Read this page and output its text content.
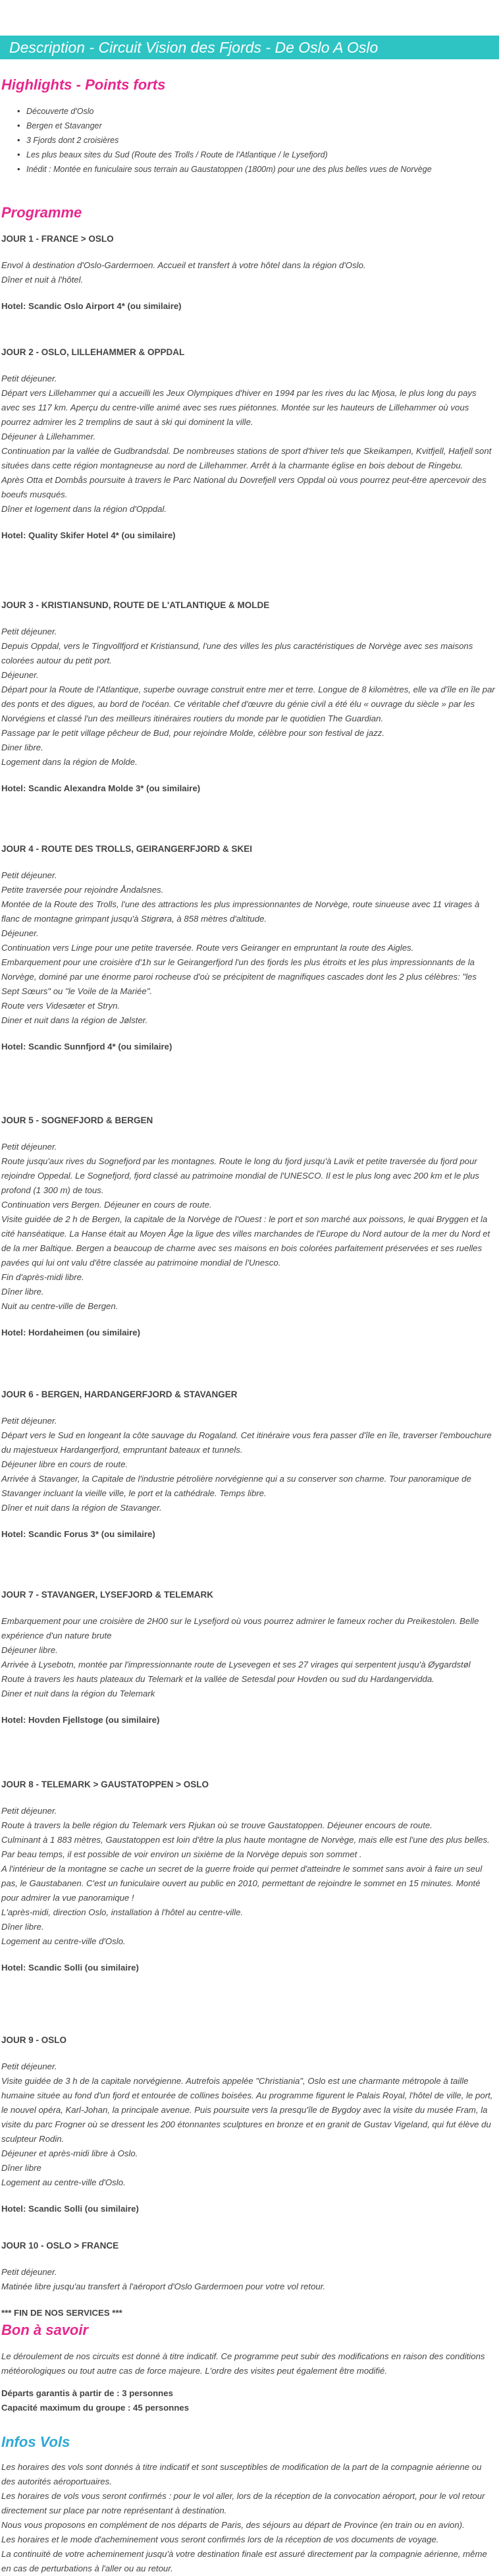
Description - Circuit Vision des Fjords - De Oslo A Oslo
Highlights - Points forts
• Découverte d'Oslo
• Bergen et Stavanger
• 3 Fjords dont 2 croisières
• Les plus beaux sites du Sud (Route des Trolls / Route de l'Atlantique / le Lysefjord)
• Inédit : Montée en funiculaire sous terrain au Gaustatoppen (1800m) pour une des plus belles vues de Norvège
Programme
JOUR 1 - FRANCE > OSLO

Envol à destination d'Oslo-Gardermoen. Accueil et transfert à votre hôtel dans la région d'Oslo.

Dîner et nuit à l'hôtel.

Hotel: Scandic Oslo Airport 4* (ou similaire)
JOUR 2 - OSLO, LILLEHAMMER & OPPDAL

Petit déjeuner.

Départ vers Lillehammer qui a accueilli les Jeux Olympiques d'hiver en 1994 par les rives du lac Mjosa, le plus long du pays avec ses 117 km. Aperçu du centre-ville animé avec ses rues piétonnes. Montée sur les hauteurs de Lillehammer où vous pourrez admirer les 2 tremplins de saut à ski qui dominent la ville.

Déjeuner à Lillehammer.

Continuation par la vallée de Gudbrandsdal. De nombreuses stations de sport d'hiver tels que Skeikampen, Kvitfjell, Hafjell sont situées dans cette région montagneuse au nord de Lillehammer. Arrêt à la charmante église en bois debout de Ringebu.

Après Otta et Dombås poursuite à travers le Parc National du Dovrefjell vers Oppdal où vous pourrez peut-être apercevoir des boeufs musqués.

Dîner et logement dans la région d'Oppdal.

Hotel: Quality Skifer Hotel 4* (ou similaire)
JOUR 3 - KRISTIANSUND, ROUTE DE L'ATLANTIQUE & MOLDE

Petit déjeuner.

Depuis Oppdal, vers le Tingvollfjord et Kristiansund, l'une des villes les plus caractéristiques de Norvège avec ses maisons colorées autour du petit port.

Déjeuner.

Départ pour la Route de l'Atlantique, superbe ouvrage construit entre mer et terre. Longue de 8 kilomètres, elle va d'île en île par des ponts et des digues, au bord de l'océan. Ce véritable chef d'œuvre du génie civil a été élu « ouvrage du siècle » par les Norvégiens et classé l'un des meilleurs itinéraires routiers du monde par le quotidien The Guardian.

Passage par le petit village pêcheur de Bud, pour rejoindre Molde, célèbre pour son festival de jazz.

Diner libre.

Logement dans la région de Molde.

Hotel: Scandic Alexandra Molde 3* (ou similaire)
JOUR 4 - ROUTE DES TROLLS, GEIRANGERFJORD & SKEI

Petit déjeuner.

Petite traversée pour rejoindre Åndalsnes.

Montée de la Route des Trolls, l'une des attractions les plus impressionnantes de Norvège, route sinueuse avec 11 virages à flanc de montagne grimpant jusqu'à Stigrøra, à 858 mètres d'altitude.

Déjeuner.

Continuation vers Linge pour une petite traversée. Route vers Geiranger en empruntant la route des Aigles.

Embarquement pour une croisière d'1h sur le Geirangerfjord l'un des fjords les plus étroits et les plus impressionnants de la Norvège, dominé par une énorme paroi rocheuse d'où se précipitent de magnifiques cascades dont les 2 plus célèbres: "les Sept Sœurs" ou "le Voile de la Mariée".

Route vers Videsæter et Stryn.

Diner et nuit dans la région de Jølster.

Hotel: Scandic Sunnfjord 4* (ou similaire)
JOUR 5 - SOGNEFJORD & BERGEN

Petit déjeuner.

Route jusqu'aux rives du Sognefjord par les montagnes. Route le long du fjord jusqu'à Lavik et petite traversée du fjord pour rejoindre Oppedal. Le Sognefjord, fjord classé au patrimoine mondial de l'UNESCO. Il est le plus long avec 200 km et le plus profond (1 300 m) de tous.

Continuation vers Bergen. Déjeuner en cours de route.

Visite guidée de 2 h de Bergen, la capitale de la Norvège de l'Ouest : le port et son marché aux poissons, le quai Bryggen et la cité hanséatique. La Hanse était au Moyen Âge la ligue des villes marchandes de l'Europe du Nord autour de la mer du Nord et de la mer Baltique. Bergen a beaucoup de charme avec ses maisons en bois colorées parfaitement préservées et ses ruelles pavées qui lui ont valu d'être classée au patrimoine mondial de l'Unesco.

Fin d'après-midi libre.

Dîner libre.

Nuit au centre-ville de Bergen.

Hotel: Hordaheimen (ou similaire)
JOUR 6 - BERGEN, HARDANGERFJORD & STAVANGER

Petit déjeuner.

Départ vers le Sud en longeant la côte sauvage du Rogaland. Cet itinéraire vous fera passer d'île en île, traverser l'embouchure du majestueux Hardangerfjord, empruntant bateaux et tunnels.

Déjeuner libre en cours de route.

Arrivée à Stavanger, la Capitale de l'industrie pétrolière norvégienne qui a su conserver son charme. Tour panoramique de Stavanger incluant la vieille ville, le port et la cathédrale. Temps libre.

Dîner et nuit dans la région de Stavanger.

Hotel: Scandic Forus 3* (ou similaire)
JOUR 7 - STAVANGER, LYSEFJORD & TELEMARK

Embarquement pour une croisière de 2H00 sur le Lysefjord où vous pourrez admirer le fameux rocher du Preikestolen. Belle expérience d'un nature brute

Déjeuner libre.

Arrivée à Lysebotn, montée par l'impressionnante route de Lysevegen et ses 27 virages qui serpentent jusqu'à Øygardstøl

Route à travers les hauts plateaux du Telemark et la vallée de Setesdal pour Hovden ou sud du Hardangervidda.

Diner et nuit dans la région du Telemark

Hotel: Hovden Fjellstoge (ou similaire)
JOUR 8 - TELEMARK > GAUSTATOPPEN > OSLO

Petit déjeuner.

Route à travers la belle région du Telemark vers Rjukan où se trouve Gaustatoppen. Déjeuner encours de route.

Culminant à 1 883 mètres, Gaustatoppen est loin d'être la plus haute montagne de Norvège, mais elle est l'une des plus belles. Par beau temps, il est possible de voir environ un sixième de la Norvège depuis son sommet .

A l'intérieur de la montagne se cache un secret de la guerre froide qui permet d'atteindre le sommet sans avoir à faire un seul pas, le Gaustabanen. C'est un funiculaire ouvert au public en 2010, permettant de rejoindre le sommet en 15 minutes. Monté pour admirer la vue panoramique !

L'après-midi, direction Oslo, installation à l'hôtel au centre-ville.

Dîner libre.

Logement au centre-ville d'Oslo.

Hotel: Scandic Solli (ou similaire)
JOUR 9 - OSLO

Petit déjeuner.

Visite guidée de 3 h de la capitale norvégienne. Autrefois appelée "Christiania", Oslo est une charmante métropole à taille humaine située au fond d'un fjord et entourée de collines boisées. Au programme figurent le Palais Royal, l'hôtel de ville, le port, le nouvel opéra, Karl-Johan, la principale avenue. Puis poursuite vers la presqu'île de Bygdoy avec la visite du musée Fram, la visite du parc Frogner où se dressent les 200 étonnantes sculptures en bronze et en granit de Gustav Vigeland, qui fut élève du sculpteur Rodin.

Déjeuner et après-midi libre à Oslo.

Dîner libre

Logement au centre-ville d'Oslo.

Hotel: Scandic Solli (ou similaire)
JOUR 10 - OSLO > FRANCE

Petit déjeuner.

Matinée libre jusqu'au transfert à l'aéroport d'Oslo Gardermoen pour votre vol retour.

*** FIN DE NOS SERVICES ***
Bon à savoir

Le déroulement de nos circuits est donné à titre indicatif. Ce programme peut subir des modifications en raison des conditions météorologiques ou tout autre cas de force majeure. L'ordre des visites peut également être modifié.

Départs garantis à partir de : 3 personnes
Capacité maximum du groupe : 45 personnes
Infos Vols

Les horaires des vols sont donnés à titre indicatif et sont susceptibles de modification de la part de la compagnie aérienne ou des autorités aéroportuaires.

Les horaires de vols vous seront confirmés : pour le vol aller, lors de la réception de la convocation aéroport, pour le vol retour directement sur place par notre représentant à destination.

Nous vous proposons en complément de nos départs de Paris, des séjours au départ de Province (en train ou en avion).

Les horaires et le mode d'acheminement vous seront confirmés lors de la réception de vos documents de voyage.

La continuité de votre acheminement jusqu'à votre destination finale est assuré directement par la compagnie aérienne, même en cas de perturbations à l'aller ou au retour.
